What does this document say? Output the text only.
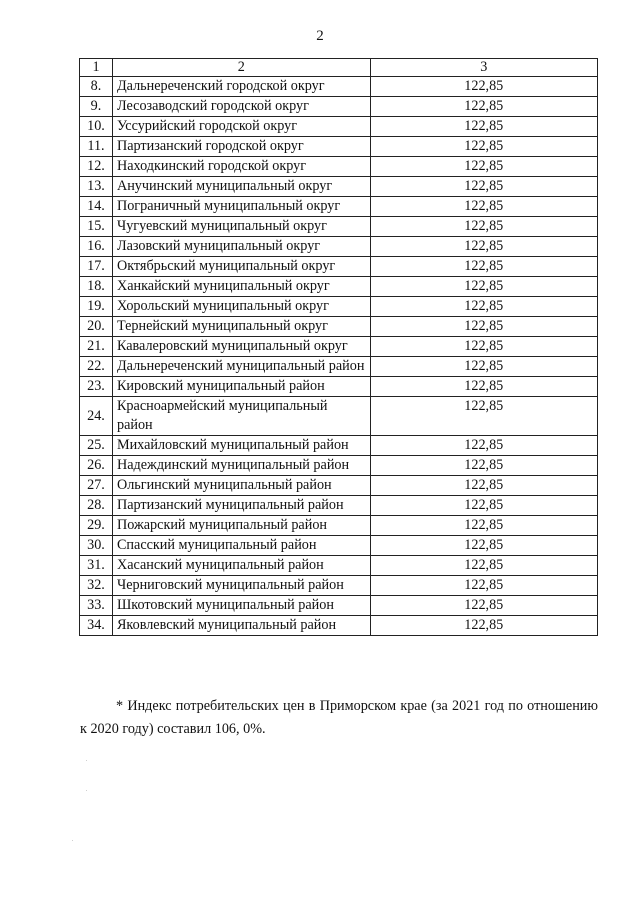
2
1	2	3
8.	Дальнереченский городской округ	122,85
9.	Лесозаводский городской округ	122,85
10.	Уссурийский городской округ	122,85
11.	Партизанский городской округ	122,85
12.	Находкинский городской округ	122,85
13.	Анучинский муниципальный округ	122,85
14.	Пограничный муниципальный округ	122,85
15.	Чугуевский муниципальный округ	122,85
16.	Лазовский муниципальный округ	122,85
17.	Октябрьский муниципальный округ	122,85
18.	Ханкайский муниципальный округ	122,85
19.	Хорольский муниципальный округ	122,85
20.	Тернейский муниципальный округ	122,85
21.	Кавалеровский муниципальный округ	122,85
22.	Дальнереченский муниципальный район	122,85
23.	Кировский муниципальный район	122,85
24.	Красноармейский муниципальный район	122,85
25.	Михайловский муниципальный район	122,85
26.	Надеждинский муниципальный район	122,85
27.	Ольгинский муниципальный район	122,85
28.	Партизанский муниципальный район	122,85
29.	Пожарский муниципальный район	122,85
30.	Спасский муниципальный район	122,85
31.	Хасанский муниципальный район	122,85
32.	Черниговский муниципальный район	122,85
33.	Шкотовский муниципальный район	122,85
34.	Яковлевский муниципальный район	122,85
* Индекс потребительских цен в Приморском крае (за 2021 год по отношению к 2020 году) составил 106, 0%.
